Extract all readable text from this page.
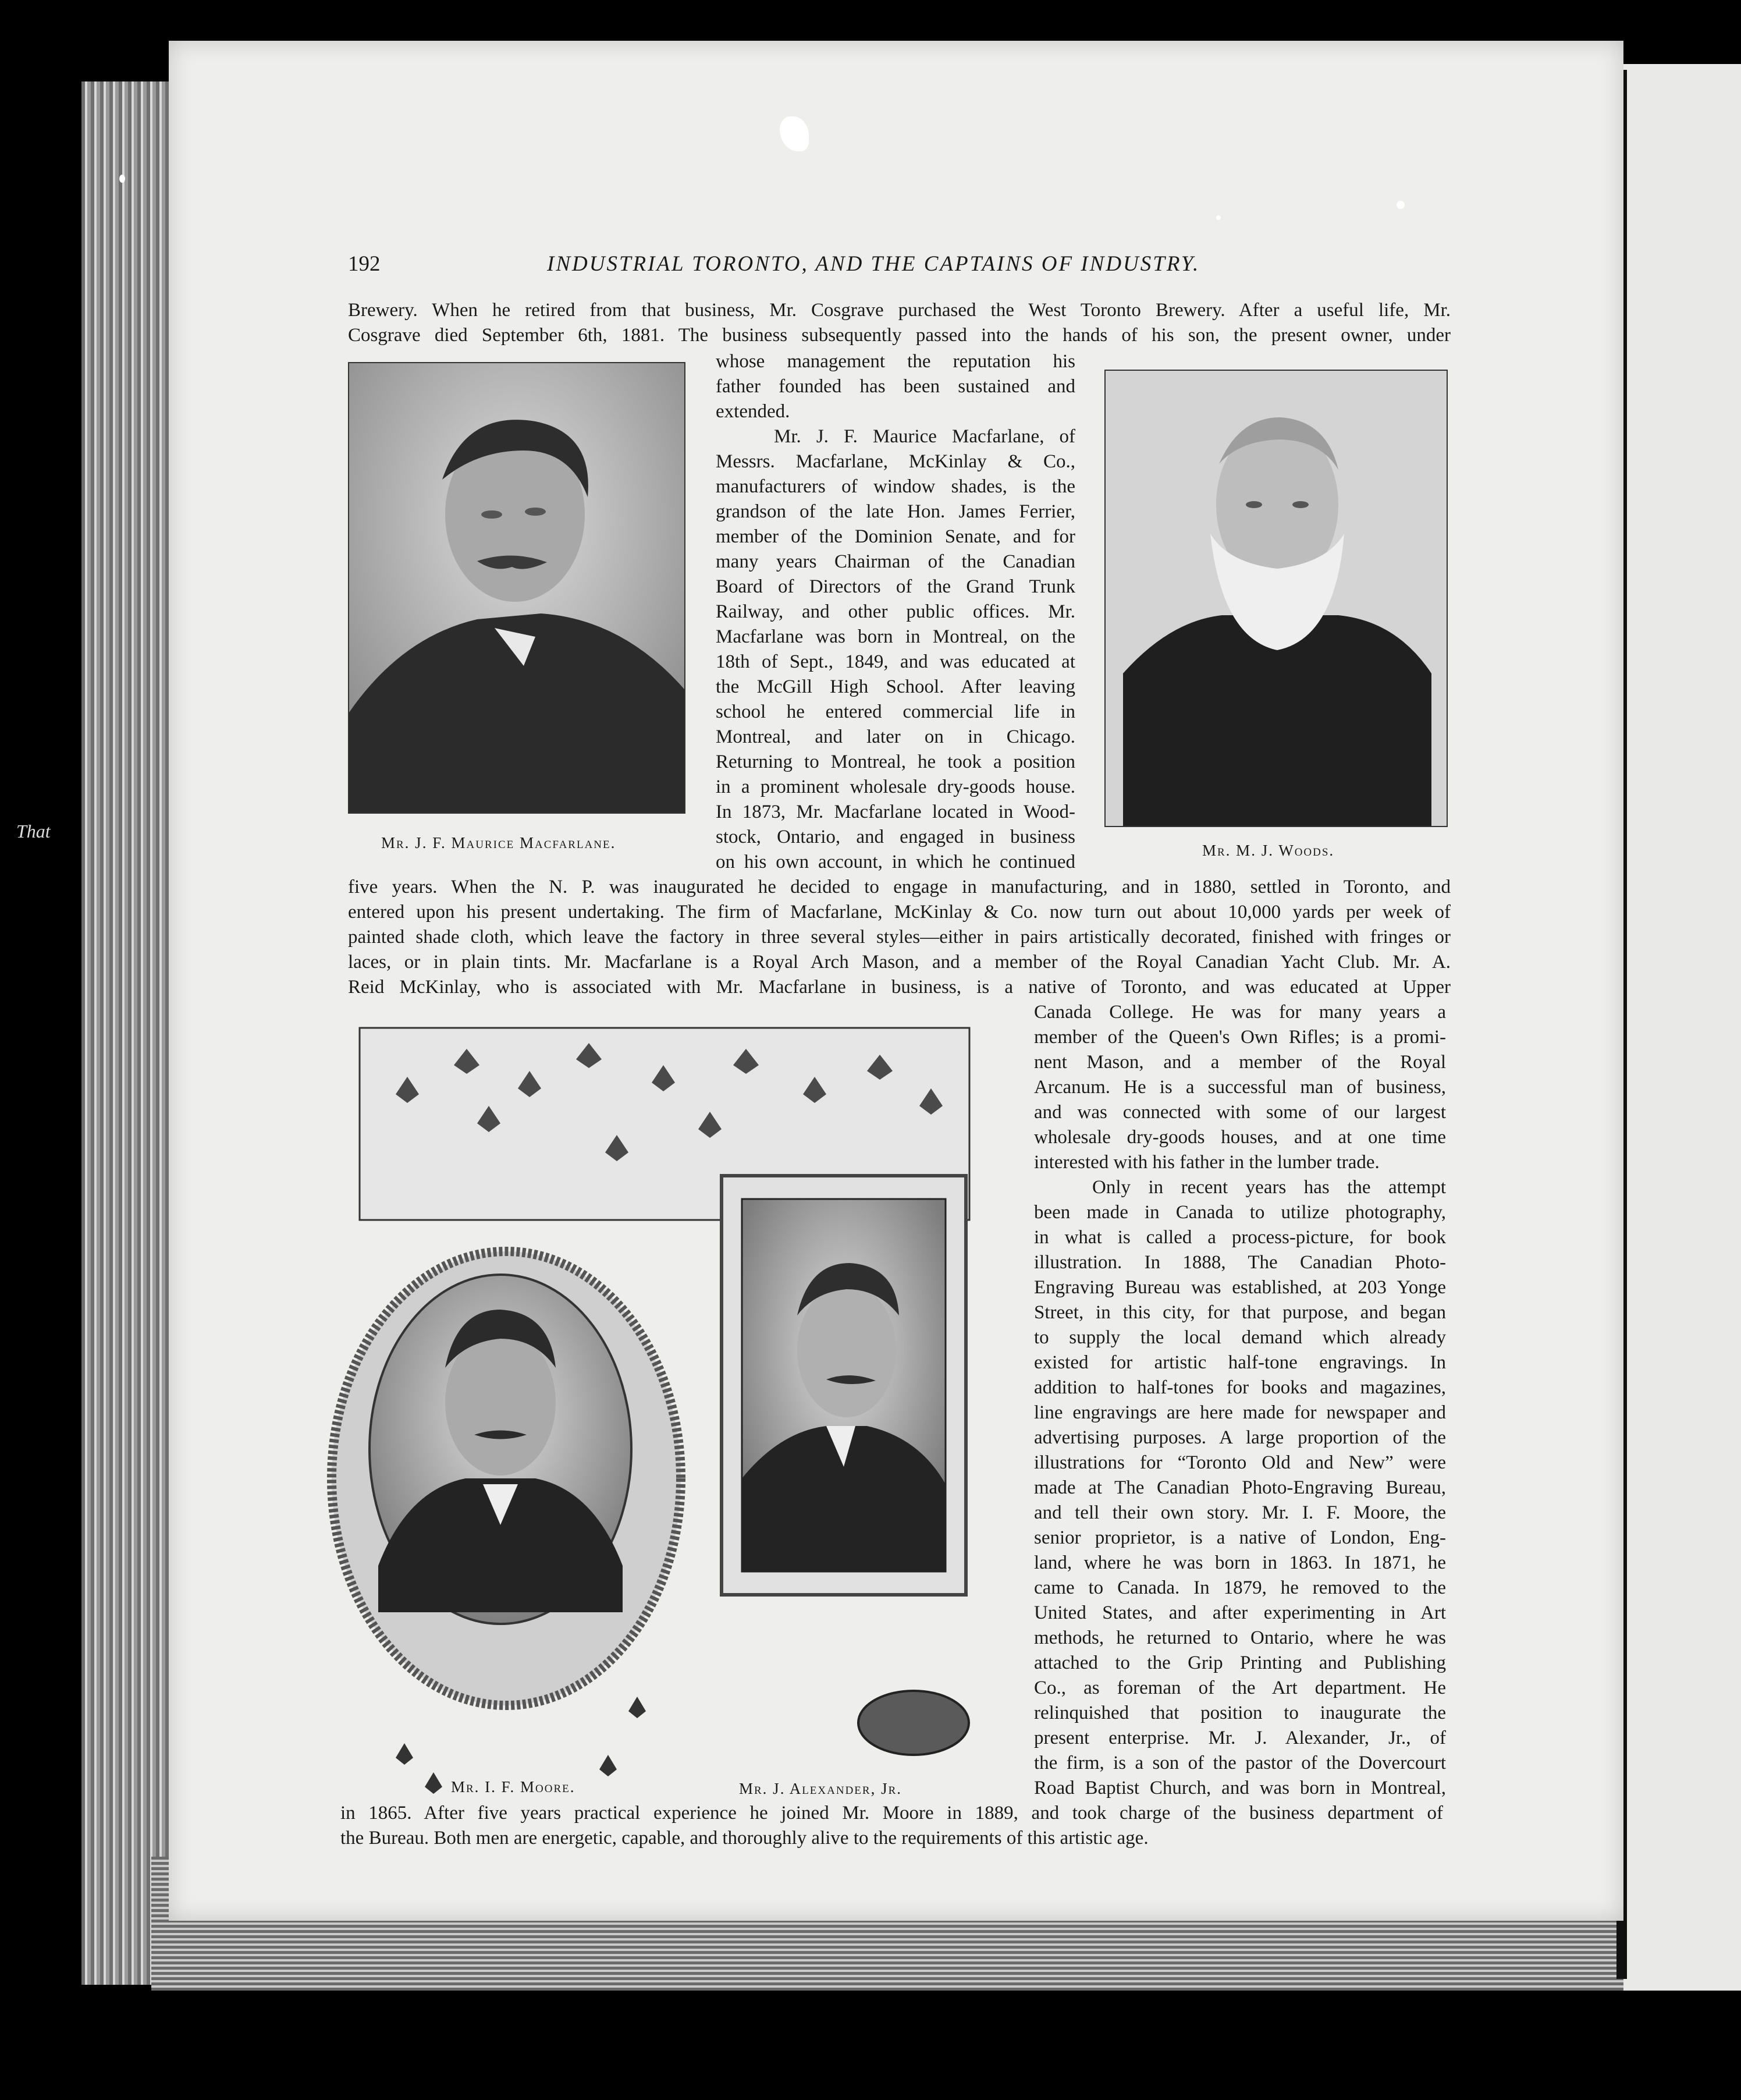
That
192	INDUSTRIAL TORONTO, AND THE CAPTAINS OF INDUSTRY.
Brewery. When he retired from that business, Mr. Cosgrave purchased the West Toronto Brewery. After a useful life, Mr.
Cosgrave died September 6th, 1881. The business subsequently passed into the hands of his son, the present owner, under
Mr. J. F. Maurice Macfarlane.	Mr. M. J. Woods.

whose management the reputation his

father founded has been sustained and

extended.

Mr. J. F. Maurice Macfarlane, of

Messrs. Macfarlane, McKinlay & Co.,

manufacturers of window shades, is the

grandson of the late Hon. James Ferrier,

member of the Dominion Senate, and for

many years Chairman of the Canadian

Board of Directors of the Grand Trunk

Railway, and other public offices. Mr.

Macfarlane was born in Montreal, on the

18th of Sept., 1849, and was educated at

the McGill High School. After leaving

school he entered commercial life in

Montreal, and later on in Chicago.

Returning to Montreal, he took a position

in a prominent wholesale dry-goods house.

In 1873, Mr. Macfarlane located in Wood-

stock, Ontario, and engaged in business

on his own account, in which he continued

five years. When the N. P. was inaugurated he decided to engage in manufacturing, and in 1880, settled in Toronto, and
entered upon his present undertaking. The firm of Macfarlane, McKinlay & Co. now turn out about 10,000 yards per week of
painted shade cloth, which leave the factory in three several styles—either in pairs artistically decorated, finished with fringes or
laces, or in plain tints. Mr. Macfarlane is a Royal Arch Mason, and a member of the Royal Canadian Yacht Club. Mr. A.
Reid McKinlay, who is associated with Mr. Macfarlane in business, is a native of Toronto, and was educated at Upper
Mr. I. F. Moore.	Mr. J. Alexander, Jr.

Canada College. He was for many years a

member of the Queen's Own Rifles; is a promi-

nent Mason, and a member of the Royal

Arcanum. He is a successful man of business,

and was connected with some of our largest

wholesale dry-goods houses, and at one time

interested with his father in the lumber trade.

Only in recent years has the attempt

been made in Canada to utilize photography,

in what is called a process-picture, for book

illustration. In 1888, The Canadian Photo-

Engraving Bureau was established, at 203 Yonge

Street, in this city, for that purpose, and began

to supply the local demand which already

existed for artistic half-tone engravings. In

addition to half-tones for books and magazines,

line engravings are here made for newspaper and

advertising purposes. A large proportion of the

illustrations for “Toronto Old and New” were

made at The Canadian Photo-Engraving Bureau,

and tell their own story. Mr. I. F. Moore, the

senior proprietor, is a native of London, Eng-

land, where he was born in 1863. In 1871, he

came to Canada. In 1879, he removed to the

United States, and after experimenting in Art

methods, he returned to Ontario, where he was

attached to the Grip Printing and Publishing

Co., as foreman of the Art department. He

relinquished that position to inaugurate the

present enterprise. Mr. J. Alexander, Jr., of

the firm, is a son of the pastor of the Dovercourt

Road Baptist Church, and was born in Montreal,

in 1865. After five years practical experience he joined Mr. Moore in 1889, and took charge of the business department of
the Bureau. Both men are energetic, capable, and thoroughly alive to the requirements of this artistic age.
